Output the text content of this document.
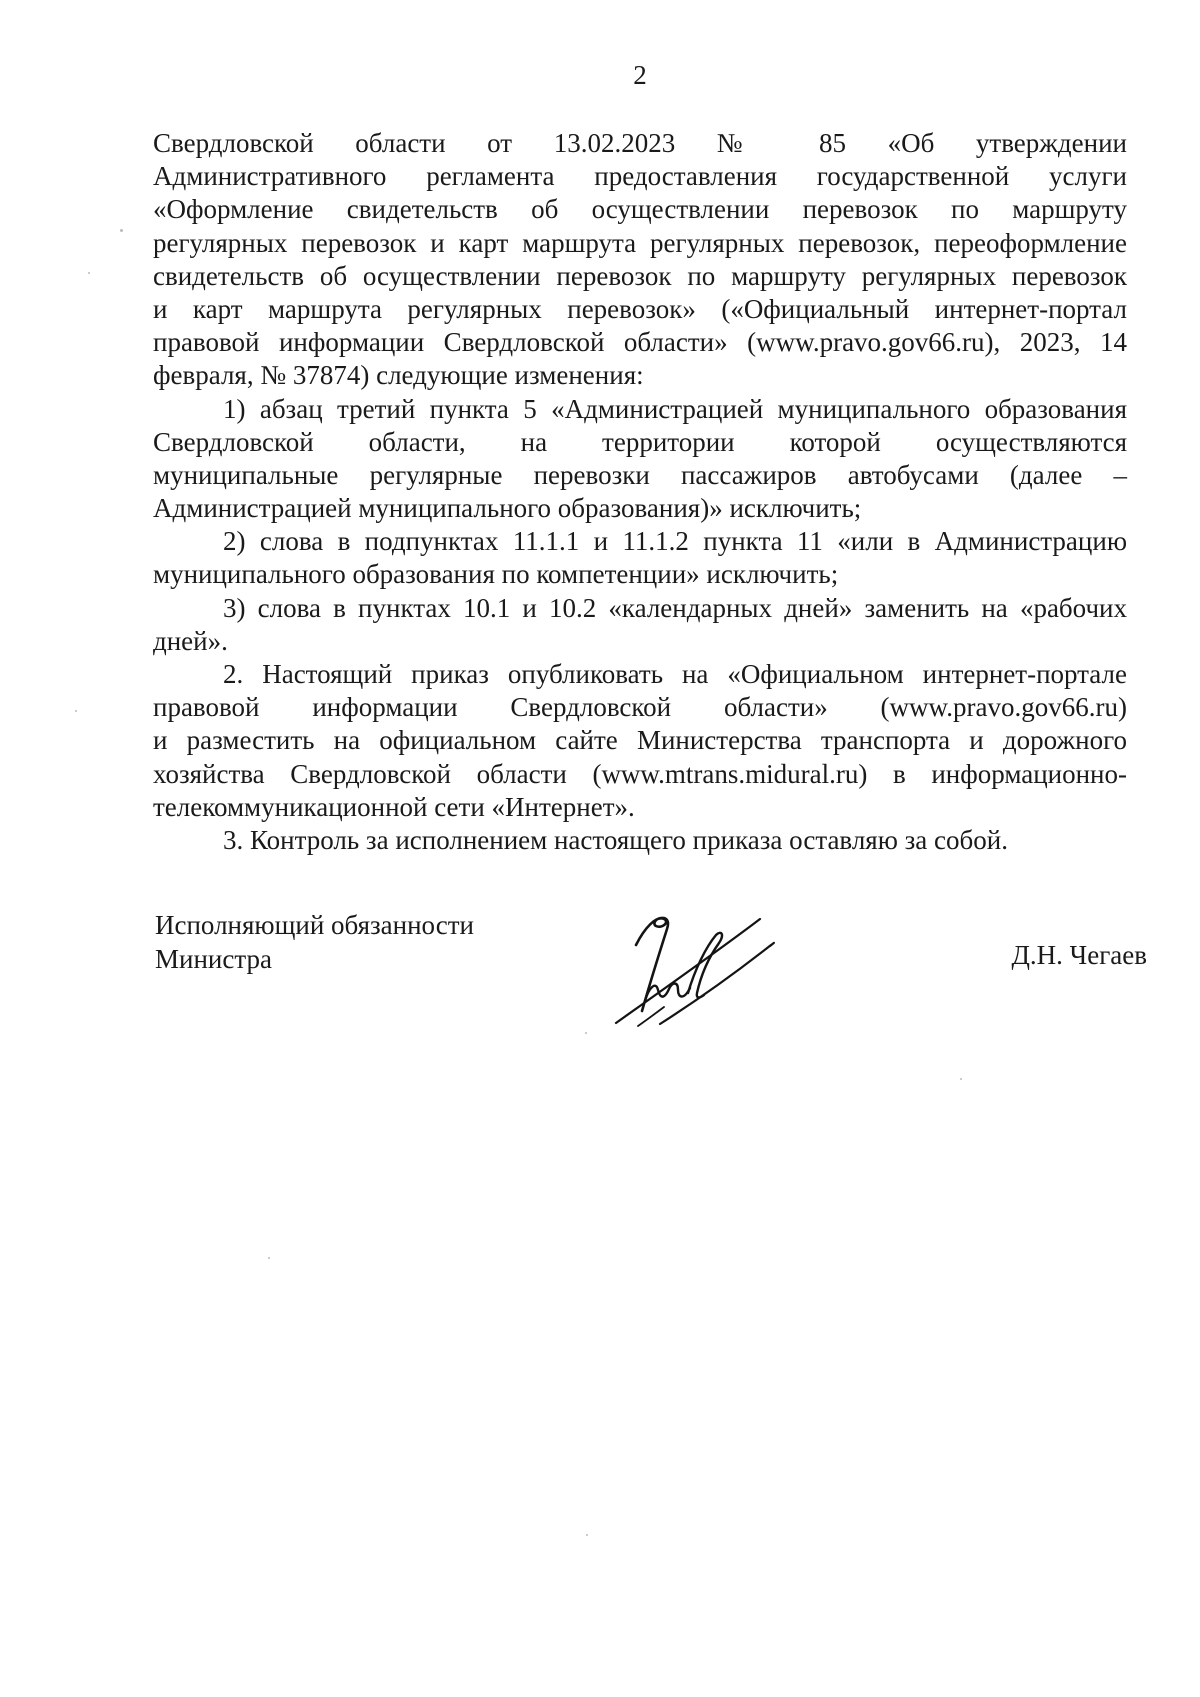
2
Свердловской области от 13.02.2023 № 85 «Об утверждении
Административного регламента предоставления государственной услуги
«Оформление свидетельств об осуществлении перевозок по маршруту
регулярных перевозок и карт маршрута регулярных перевозок, переоформление
свидетельств об осуществлении перевозок по маршруту регулярных перевозок
и карт маршрута регулярных перевозок» («Официальный интернет-портал
правовой информации Свердловской области» (www.pravo.gov66.ru), 2023, 14
февраля, № 37874) следующие изменения:
1) абзац третий пункта 5 «Администрацией муниципального образования
Свердловской области, на территории которой осуществляются
муниципальные регулярные перевозки пассажиров автобусами (далее –
Администрацией муниципального образования)» исключить;
2) слова в подпунктах 11.1.1 и 11.1.2 пункта 11 «или в Администрацию
муниципального образования по компетенции» исключить;
3) слова в пунктах 10.1 и 10.2 «календарных дней» заменить на «рабочих
дней».
2. Настоящий приказ опубликовать на «Официальном интернет-портале
правовой информации Свердловской области» (www.pravo.gov66.ru)
и разместить на официальном сайте Министерства транспорта и дорожного
хозяйства Свердловской области (www.mtrans.midural.ru) в информационно-
телекоммуникационной сети «Интернет».
3. Контроль за исполнением настоящего приказа оставляю за собой.
Исполняющий обязанности
Министра	Д.Н. Чегаев
